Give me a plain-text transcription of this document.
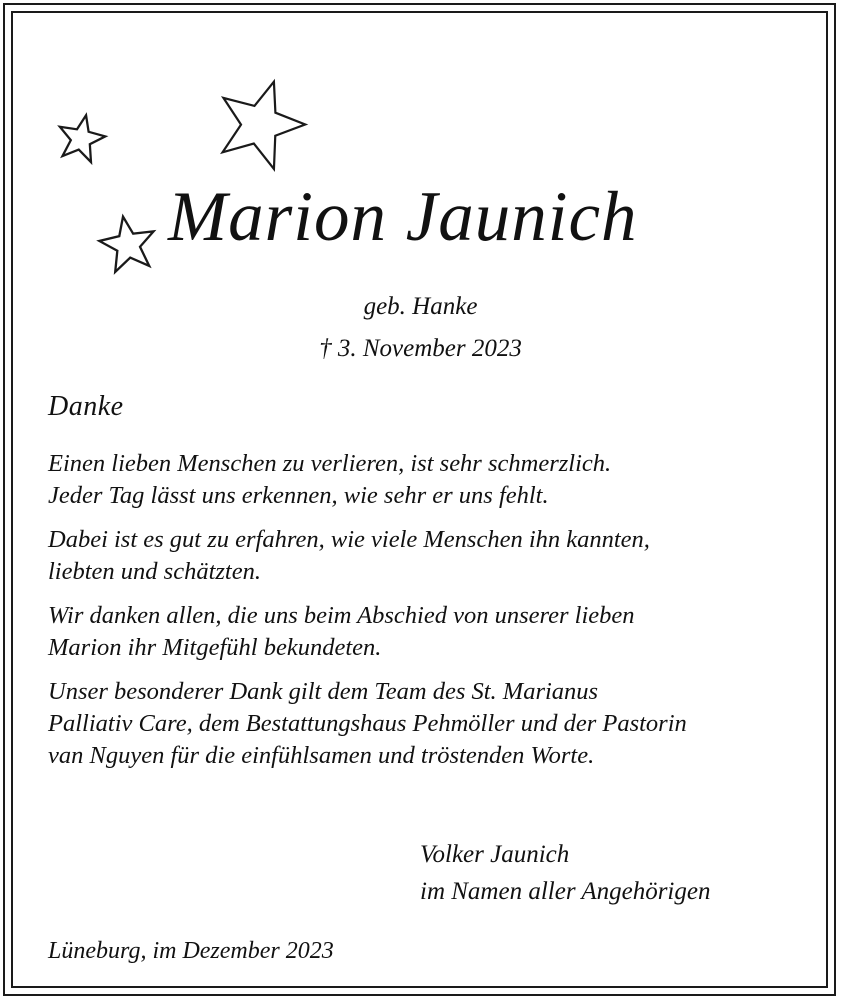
Marion Jaunich
geb. Hanke
† 3. November 2023
Danke

Einen lieben Menschen zu verlieren, ist sehr schmerzlich.
Jeder Tag lässt uns erkennen, wie sehr er uns fehlt.

Dabei ist es gut zu erfahren, wie viele Menschen ihn kannten,
liebten und schätzten.

Wir danken allen, die uns beim Abschied von unserer lieben
Marion ihr Mitgefühl bekundeten.

Unser besonderer Dank gilt dem Team des St. Marianus
Palliativ Care, dem Bestattungshaus Pehmöller und der Pastorin
van Nguyen für die einfühlsamen und tröstenden Worte.

Volker Jaunich
im Namen aller Angehörigen
Lüneburg, im Dezember 2023
